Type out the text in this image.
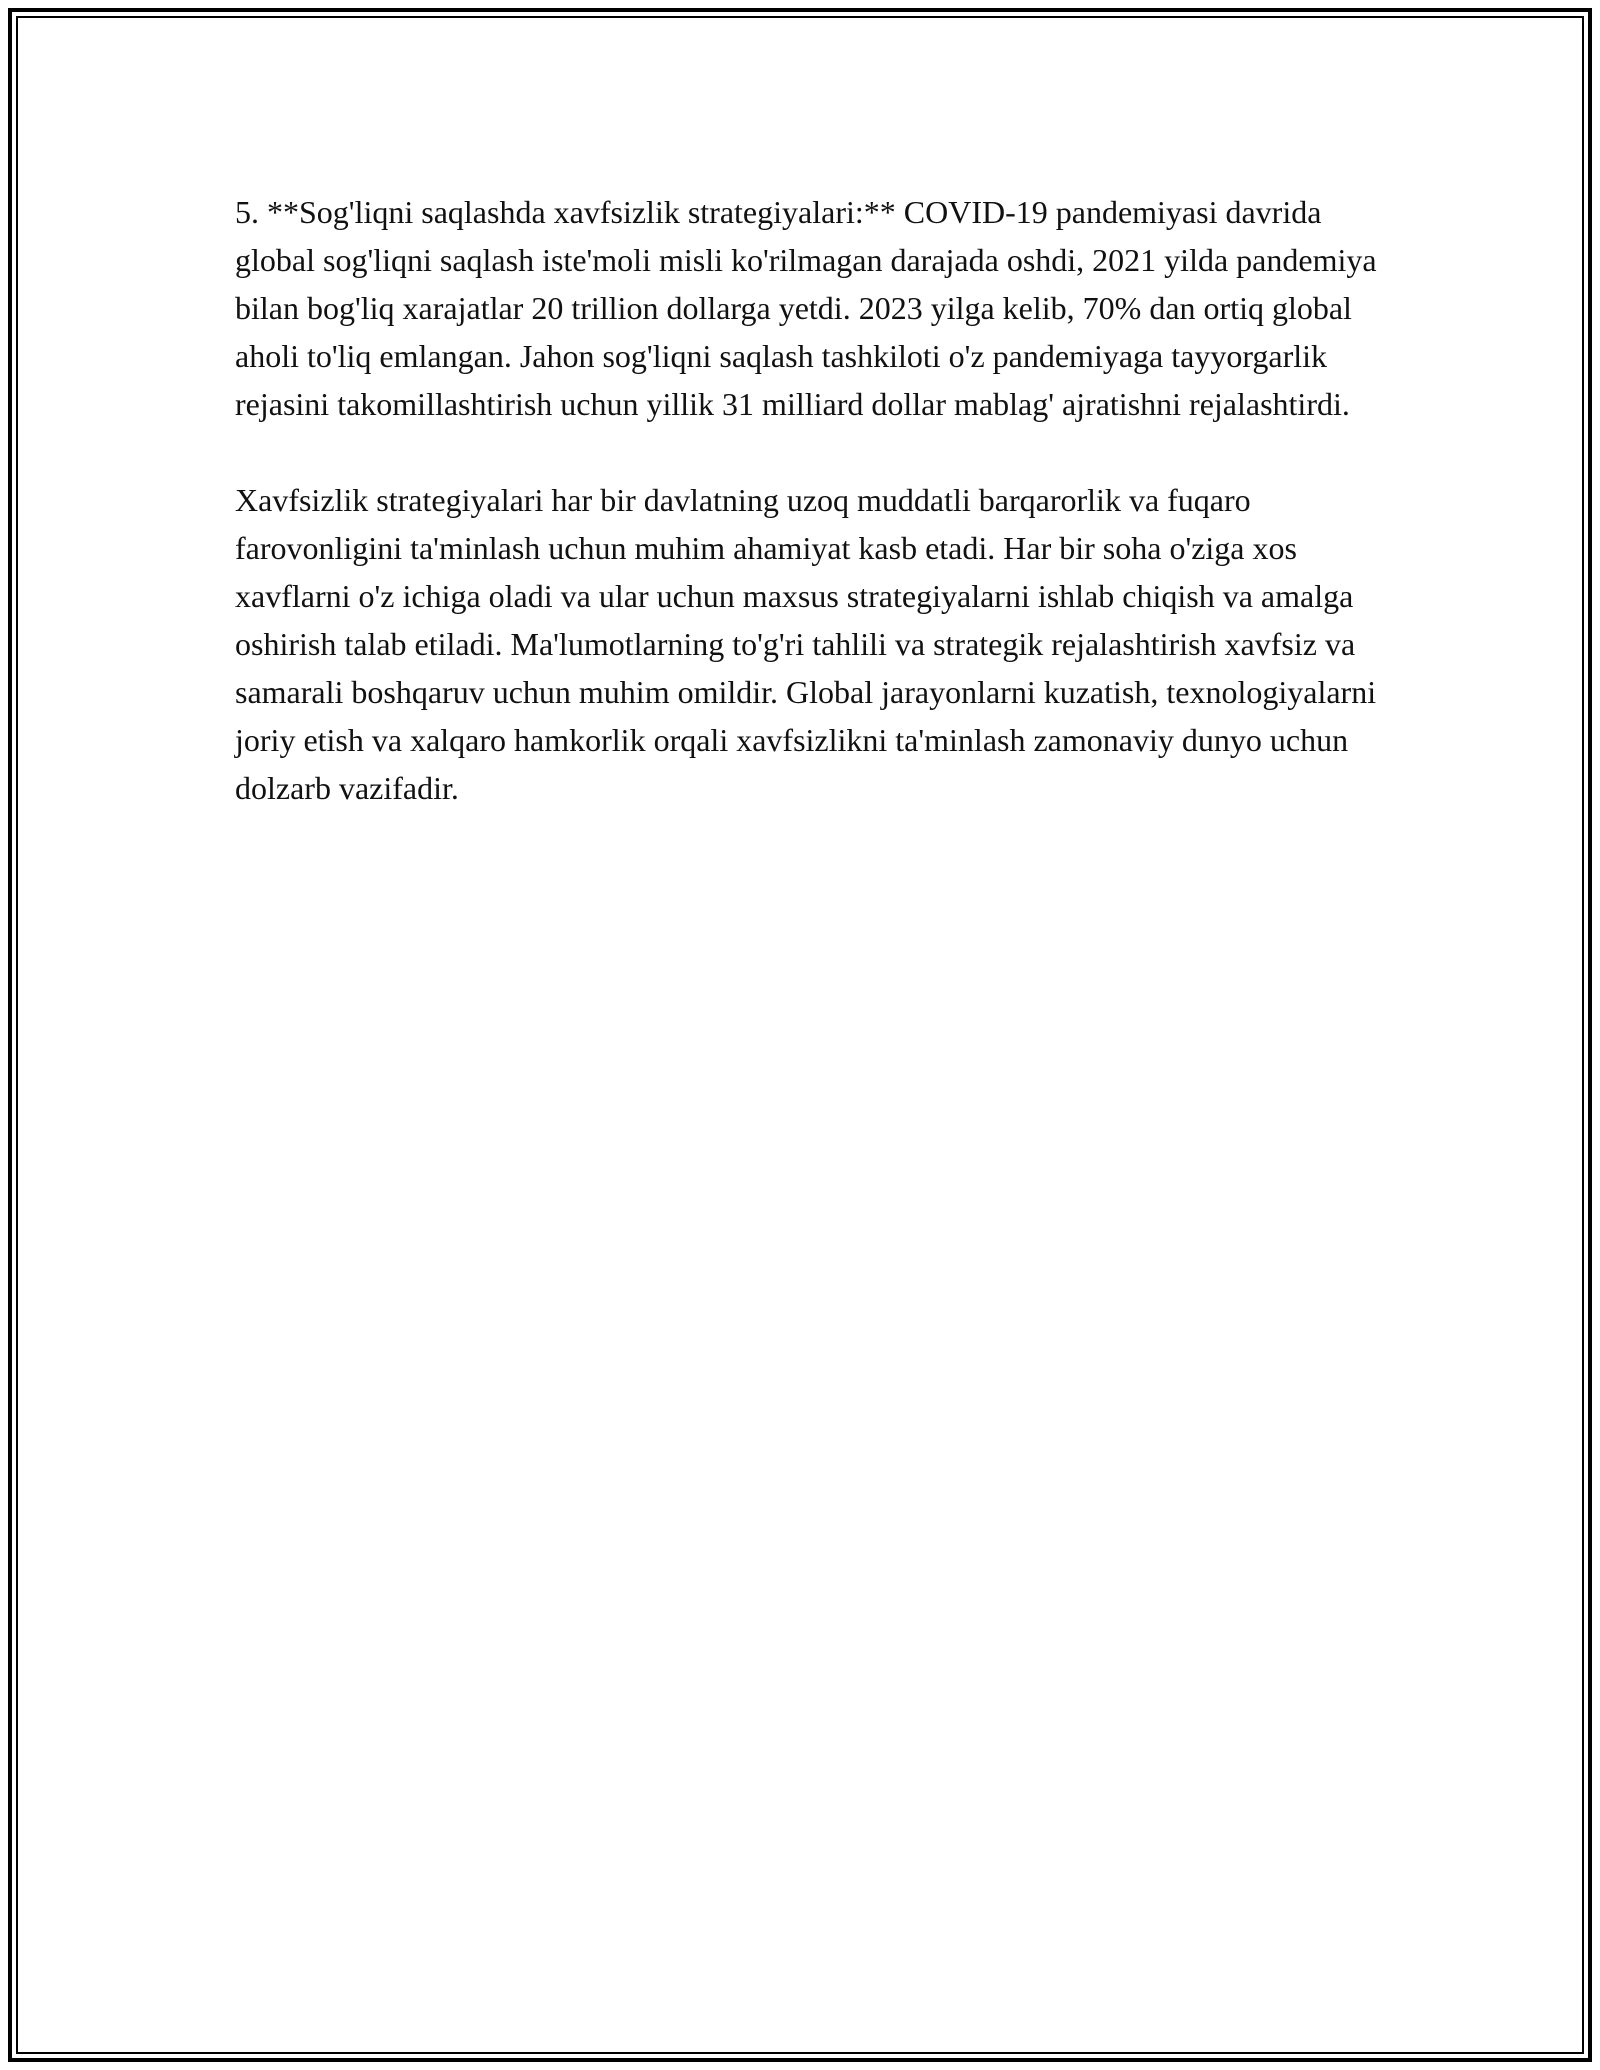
5. **Sog'liqni saqlashda xavfsizlik strategiyalari:** COVID-19 pandemiyasi davrida global sog'liqni saqlash iste'moli misli ko'rilmagan darajada oshdi, 2021 yilda pandemiya bilan bog'liq xarajatlar 20 trillion dollarga yetdi. 2023 yilga kelib, 70% dan ortiq global aholi to'liq emlangan. Jahon sog'liqni saqlash tashkiloti o'z pandemiyaga tayyorgarlik rejasini takomillashtirish uchun yillik 31 milliard dollar mablag' ajratishni rejalashtirdi.

Xavfsizlik strategiyalari har bir davlatning uzoq muddatli barqarorlik va fuqaro farovonligini ta'minlash uchun muhim ahamiyat kasb etadi. Har bir soha o'ziga xos xavflarni o'z ichiga oladi va ular uchun maxsus strategiyalarni ishlab chiqish va amalga oshirish talab etiladi. Ma'lumotlarning to'g'ri tahlili va strategik rejalashtirish xavfsiz va samarali boshqaruv uchun muhim omildir. Global jarayonlarni kuzatish, texnologiyalarni joriy etish va xalqaro hamkorlik orqali xavfsizlikni ta'minlash zamonaviy dunyo uchun dolzarb vazifadir.
